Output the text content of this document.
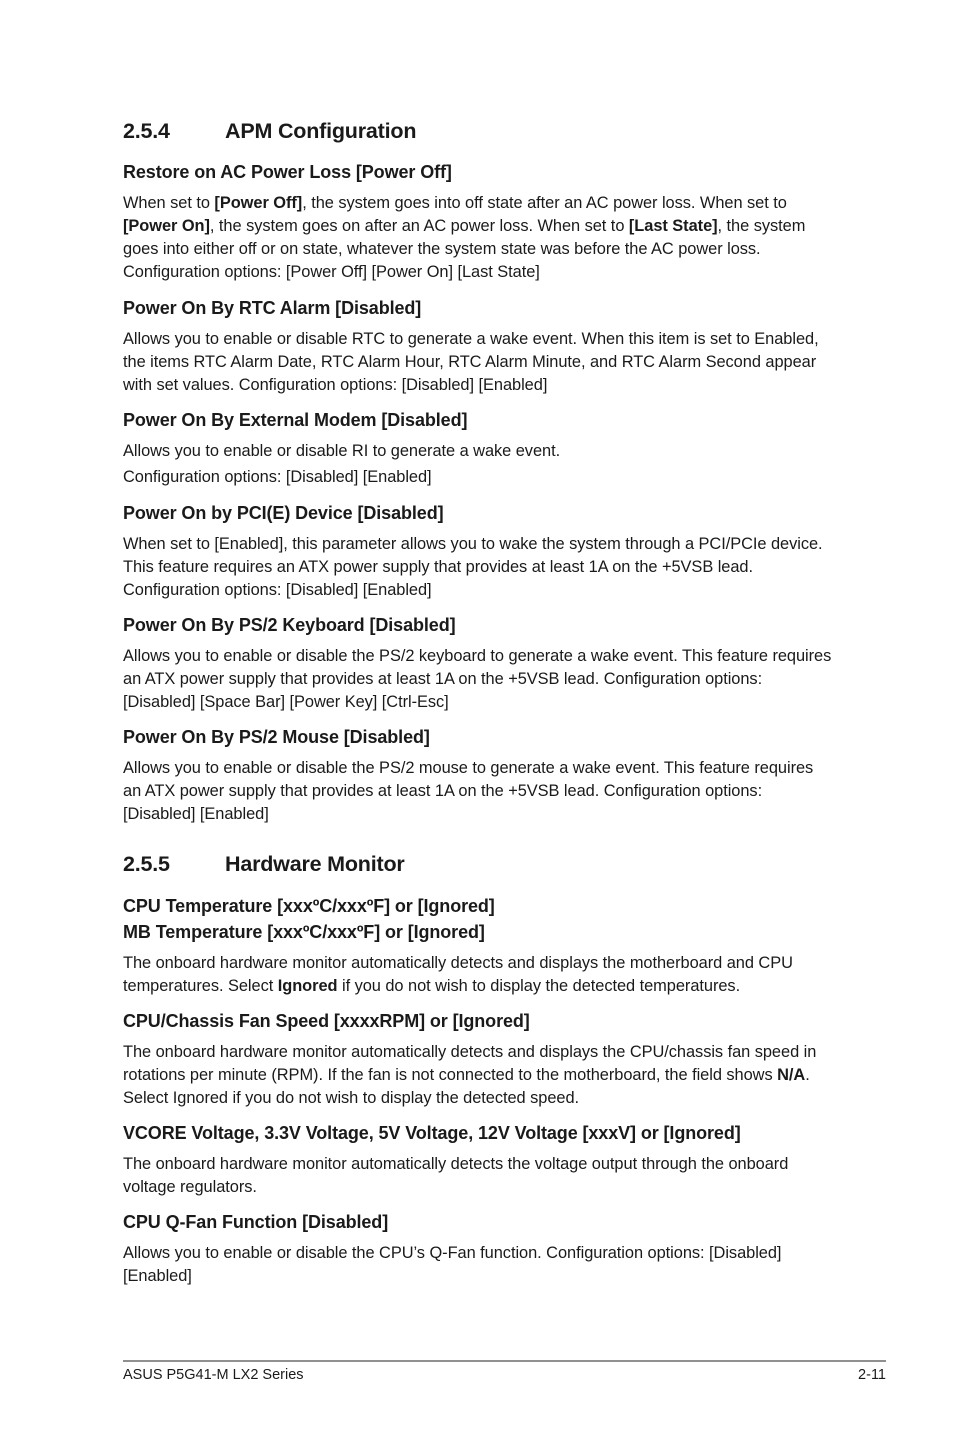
2.5.4	APM Configuration
Restore on AC Power Loss [Power Off]

When set to [Power Off], the system goes into off state after an AC power loss. When set to [Power On], the system goes on after an AC power loss. When set to [Last State], the system goes into either off or on state, whatever the system state was before the AC power loss. Configuration options: [Power Off] [Power On] [Last State]

Power On By RTC Alarm [Disabled]

Allows you to enable or disable RTC to generate a wake event. When this item is set to Enabled, the items RTC Alarm Date, RTC Alarm Hour, RTC Alarm Minute, and RTC Alarm Second appear with set values. Configuration options: [Disabled] [Enabled]

Power On By External Modem [Disabled]

Allows you to enable or disable RI to generate a wake event.

Configuration options: [Disabled] [Enabled]

Power On by PCI(E) Device [Disabled]

When set to [Enabled], this parameter allows you to wake the system through a PCI/PCIe device. This feature requires an ATX power supply that provides at least 1A on the +5VSB lead. Configuration options: [Disabled] [Enabled]

Power On By PS/2 Keyboard [Disabled]

Allows you to enable or disable the PS/2 keyboard to generate a wake event. This feature requires an ATX power supply that provides at least 1A on the +5VSB lead. Configuration options: [Disabled] [Space Bar] [Power Key] [Ctrl-Esc]

Power On By PS/2 Mouse [Disabled]

Allows you to enable or disable the PS/2 mouse to generate a wake event. This feature requires an ATX power supply that provides at least 1A on the +5VSB lead. Configuration options: [Disabled] [Enabled]

2.5.5	Hardware Monitor
CPU Temperature [xxxºC/xxxºF] or [Ignored]
MB Temperature [xxxºC/xxxºF] or [Ignored]

The onboard hardware monitor automatically detects and displays the motherboard and CPU temperatures. Select Ignored if you do not wish to display the detected temperatures.

CPU/Chassis Fan Speed [xxxxRPM] or [Ignored]

The onboard hardware monitor automatically detects and displays the CPU/chassis fan speed in rotations per minute (RPM). If the fan is not connected to the motherboard, the field shows N/A. Select Ignored if you do not wish to display the detected speed.

VCORE Voltage, 3.3V Voltage, 5V Voltage, 12V Voltage [xxxV] or [Ignored]

The onboard hardware monitor automatically detects the voltage output through the onboard voltage regulators.

CPU Q-Fan Function [Disabled]

Allows you to enable or disable the CPU’s Q-Fan function. Configuration options: [Disabled] [Enabled]

ASUS P5G41-M LX2 Series	2-11
